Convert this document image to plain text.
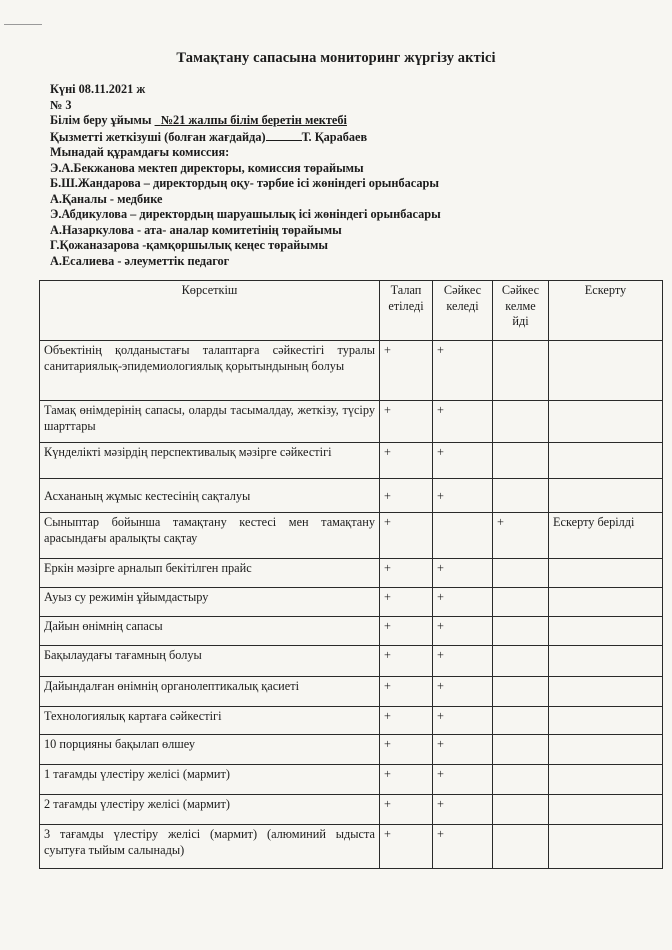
Тамақтану сапасына мониторинг жүргізу актісі
Күні 08.11.2021 ж
№ 3
Білім беру ұйымы №21 жалпы білім беретін мектебі
Қызметті жеткізуші (болған жағдайда)	Т. Қарабаев
Мынадай құрамдағы комиссия:
Э.А.Бекжанова мектеп директоры, комиссия төрайымы
Б.Ш.Жандарова – директордың оқу- тәрбие ісі жөніндегі орынбасары
А.Қаналы - медбике
Э.Абдикулова – директордың шаруашылық ісі жөніндегі орынбасары
А.Назаркулова - ата- аналар комитетінің төрайымы
Г.Қожаназарова -қамқоршылық кеңес төрайымы
А.Есалиева - әлеуметтік педагог
Көрсеткіш	Талап етіледі	Сәйкес келеді	Сәйкес келме йді	Ескерту
Объектінің қолданыстағы талаптарға сәйкестігі туралы санитариялық-эпидемиологиялық қорытындының болуы	+	+		
Тамақ өнімдерінің сапасы, оларды тасымалдау, жеткізу, түсіру шарттары	+	+		
Күнделікті мәзірдің перспективалық мәзірге сәйкестігі	+	+		
Асхананың жұмыс кестесінің сақталуы	+	+		
Сыныптар бойынша тамақтану кестесі мен тамақтану арасындағы аралықты сақтау	+		+	Ескерту берілді
Еркін мәзірге арналып бекітілген прайс	+	+		
Ауыз су режимін ұйымдастыру	+	+		
Дайын өнімнің сапасы	+	+		
Бақылаудағы тағамның болуы	+	+		
Дайындалған өнімнің органолептикалық қасиеті	+	+		
Технологиялық картаға сәйкестігі	+	+		
10 порцияны бақылап өлшеу	+	+		
1 тағамды үлестіру желісі (мармит)	+	+		
2 тағамды үлестіру желісі (мармит)	+	+		
3 тағамды үлестіру желісі (мармит) (алюминий ыдыста суытуға тыйым салынады)	+	+		
